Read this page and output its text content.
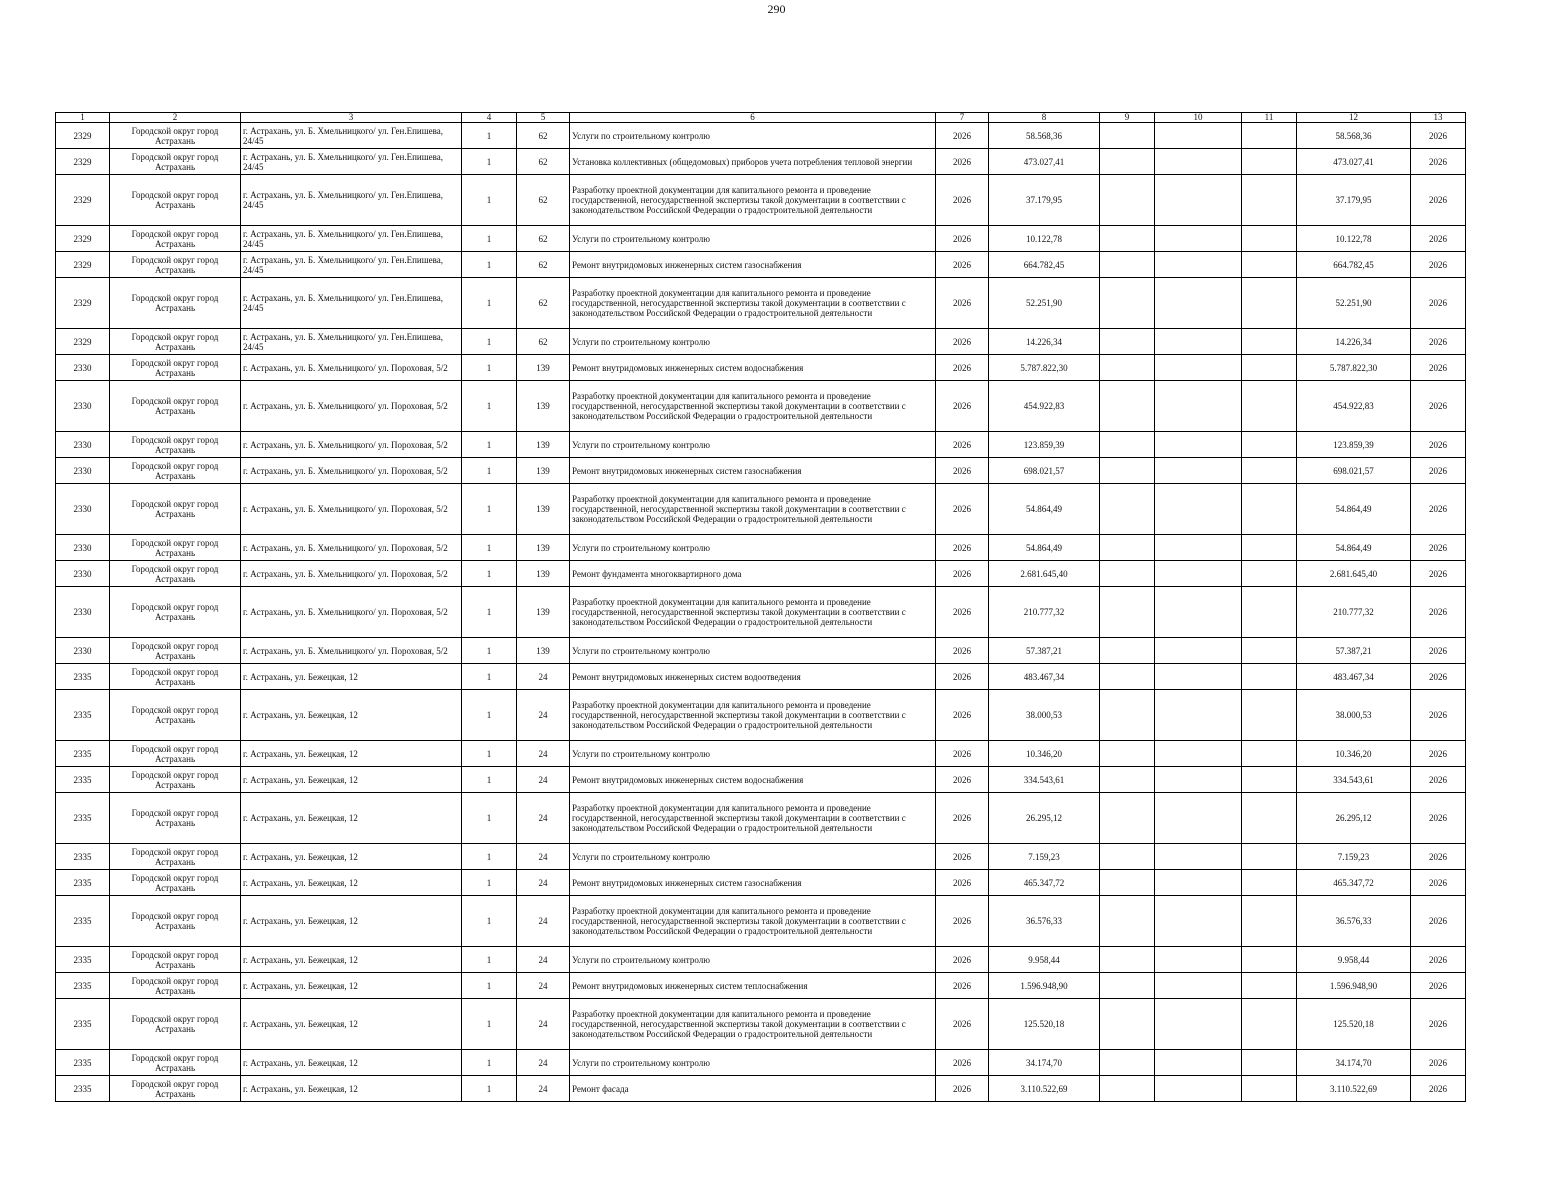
290
1	2	3	4	5	6	7	8	9	10	11	12	13
2329	Городской округ город Астрахань	г. Астрахань, ул. Б. Хмельницкого/ ул. Ген.Епишева, 24/45	1	62	Услуги по строительному контролю	2026	58.568,36				58.568,36	2026
2329	Городской округ город Астрахань	г. Астрахань, ул. Б. Хмельницкого/ ул. Ген.Епишева, 24/45	1	62	Установка коллективных (общедомовых) приборов учета потребления тепловой энергии	2026	473.027,41				473.027,41	2026
2329	Городской округ город Астрахань	г. Астрахань, ул. Б. Хмельницкого/ ул. Ген.Епишева, 24/45	1	62	Разработку проектной документации для капитального ремонта и проведение государственной, негосударственной экспертизы такой документации в соответствии с законодательством Российской Федерации о градостроительной деятельности	2026	37.179,95				37.179,95	2026
2329	Городской округ город Астрахань	г. Астрахань, ул. Б. Хмельницкого/ ул. Ген.Епишева, 24/45	1	62	Услуги по строительному контролю	2026	10.122,78				10.122,78	2026
2329	Городской округ город Астрахань	г. Астрахань, ул. Б. Хмельницкого/ ул. Ген.Епишева, 24/45	1	62	Ремонт внутридомовых инженерных систем газоснабжения	2026	664.782,45				664.782,45	2026
2329	Городской округ город Астрахань	г. Астрахань, ул. Б. Хмельницкого/ ул. Ген.Епишева, 24/45	1	62	Разработку проектной документации для капитального ремонта и проведение государственной, негосударственной экспертизы такой документации в соответствии с законодательством Российской Федерации о градостроительной деятельности	2026	52.251,90				52.251,90	2026
2329	Городской округ город Астрахань	г. Астрахань, ул. Б. Хмельницкого/ ул. Ген.Епишева, 24/45	1	62	Услуги по строительному контролю	2026	14.226,34				14.226,34	2026
2330	Городской округ город Астрахань	г. Астрахань, ул. Б. Хмельницкого/ ул. Пороховая, 5/2	1	139	Ремонт внутридомовых инженерных систем водоснабжения	2026	5.787.822,30				5.787.822,30	2026
2330	Городской округ город Астрахань	г. Астрахань, ул. Б. Хмельницкого/ ул. Пороховая, 5/2	1	139	Разработку проектной документации для капитального ремонта и проведение государственной, негосударственной экспертизы такой документации в соответствии с законодательством Российской Федерации о градостроительной деятельности	2026	454.922,83				454.922,83	2026
2330	Городской округ город Астрахань	г. Астрахань, ул. Б. Хмельницкого/ ул. Пороховая, 5/2	1	139	Услуги по строительному контролю	2026	123.859,39				123.859,39	2026
2330	Городской округ город Астрахань	г. Астрахань, ул. Б. Хмельницкого/ ул. Пороховая, 5/2	1	139	Ремонт внутридомовых инженерных систем газоснабжения	2026	698.021,57				698.021,57	2026
2330	Городской округ город Астрахань	г. Астрахань, ул. Б. Хмельницкого/ ул. Пороховая, 5/2	1	139	Разработку проектной документации для капитального ремонта и проведение государственной, негосударственной экспертизы такой документации в соответствии с законодательством Российской Федерации о градостроительной деятельности	2026	54.864,49				54.864,49	2026
2330	Городской округ город Астрахань	г. Астрахань, ул. Б. Хмельницкого/ ул. Пороховая, 5/2	1	139	Услуги по строительному контролю	2026	54.864,49				54.864,49	2026
2330	Городской округ город Астрахань	г. Астрахань, ул. Б. Хмельницкого/ ул. Пороховая, 5/2	1	139	Ремонт фундамента многоквартирного дома	2026	2.681.645,40				2.681.645,40	2026
2330	Городской округ город Астрахань	г. Астрахань, ул. Б. Хмельницкого/ ул. Пороховая, 5/2	1	139	Разработку проектной документации для капитального ремонта и проведение государственной, негосударственной экспертизы такой документации в соответствии с законодательством Российской Федерации о градостроительной деятельности	2026	210.777,32				210.777,32	2026
2330	Городской округ город Астрахань	г. Астрахань, ул. Б. Хмельницкого/ ул. Пороховая, 5/2	1	139	Услуги по строительному контролю	2026	57.387,21				57.387,21	2026
2335	Городской округ город Астрахань	г. Астрахань, ул. Бежецкая, 12	1	24	Ремонт внутридомовых инженерных систем водоотведения	2026	483.467,34				483.467,34	2026
2335	Городской округ город Астрахань	г. Астрахань, ул. Бежецкая, 12	1	24	Разработку проектной документации для капитального ремонта и проведение государственной, негосударственной экспертизы такой документации в соответствии с законодательством Российской Федерации о градостроительной деятельности	2026	38.000,53				38.000,53	2026
2335	Городской округ город Астрахань	г. Астрахань, ул. Бежецкая, 12	1	24	Услуги по строительному контролю	2026	10.346,20				10.346,20	2026
2335	Городской округ город Астрахань	г. Астрахань, ул. Бежецкая, 12	1	24	Ремонт внутридомовых инженерных систем водоснабжения	2026	334.543,61				334.543,61	2026
2335	Городской округ город Астрахань	г. Астрахань, ул. Бежецкая, 12	1	24	Разработку проектной документации для капитального ремонта и проведение государственной, негосударственной экспертизы такой документации в соответствии с законодательством Российской Федерации о градостроительной деятельности	2026	26.295,12				26.295,12	2026
2335	Городской округ город Астрахань	г. Астрахань, ул. Бежецкая, 12	1	24	Услуги по строительному контролю	2026	7.159,23				7.159,23	2026
2335	Городской округ город Астрахань	г. Астрахань, ул. Бежецкая, 12	1	24	Ремонт внутридомовых инженерных систем газоснабжения	2026	465.347,72				465.347,72	2026
2335	Городской округ город Астрахань	г. Астрахань, ул. Бежецкая, 12	1	24	Разработку проектной документации для капитального ремонта и проведение государственной, негосударственной экспертизы такой документации в соответствии с законодательством Российской Федерации о градостроительной деятельности	2026	36.576,33				36.576,33	2026
2335	Городской округ город Астрахань	г. Астрахань, ул. Бежецкая, 12	1	24	Услуги по строительному контролю	2026	9.958,44				9.958,44	2026
2335	Городской округ город Астрахань	г. Астрахань, ул. Бежецкая, 12	1	24	Ремонт внутридомовых инженерных систем теплоснабжения	2026	1.596.948,90				1.596.948,90	2026
2335	Городской округ город Астрахань	г. Астрахань, ул. Бежецкая, 12	1	24	Разработку проектной документации для капитального ремонта и проведение государственной, негосударственной экспертизы такой документации в соответствии с законодательством Российской Федерации о градостроительной деятельности	2026	125.520,18				125.520,18	2026
2335	Городской округ город Астрахань	г. Астрахань, ул. Бежецкая, 12	1	24	Услуги по строительному контролю	2026	34.174,70				34.174,70	2026
2335	Городской округ город Астрахань	г. Астрахань, ул. Бежецкая, 12	1	24	Ремонт фасада	2026	3.110.522,69				3.110.522,69	2026
